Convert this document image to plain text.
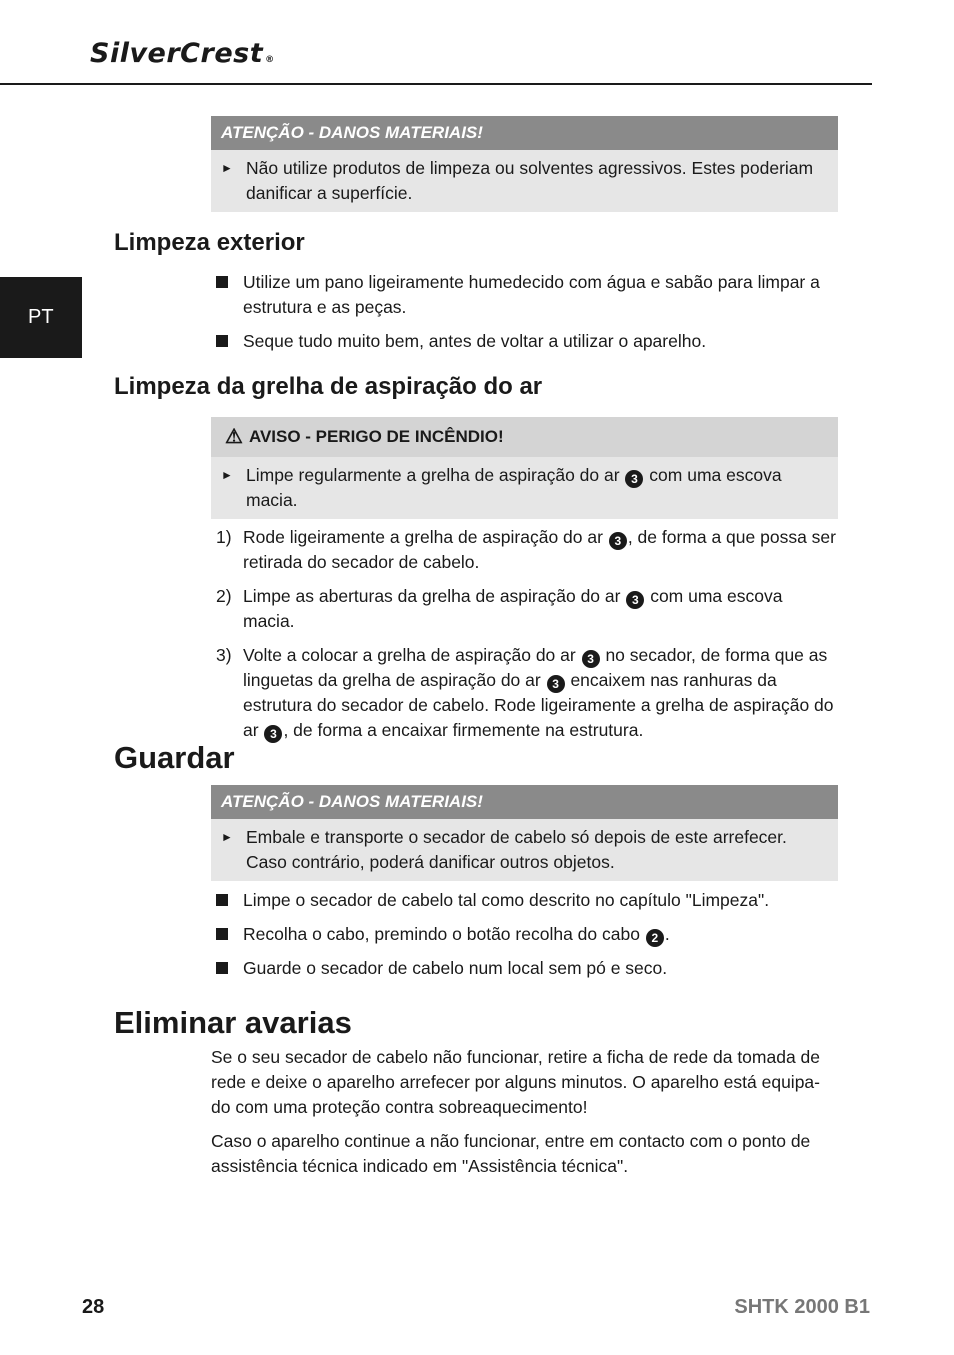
SilverCrest ®
PT
ATENÇÃO - DANOS MATERIAIS!
► Não utilize produtos de limpeza ou solventes agressivos. Estes poderiam danificar a superfície.
Limpeza exterior
Utilize um pano ligeiramente humedecido com água e sabão para limpar a estrutura e as peças.
Seque tudo muito bem, antes de voltar a utilizar o aparelho.
Limpeza da grelha de aspiração do ar
⚠ AVISO - PERIGO DE INCÊNDIO!
► Limpe regularmente a grelha de aspiração do ar 3 com uma escova macia.
1) Rode ligeiramente a grelha de aspiração do ar 3 , de forma a que possa ser retirada do secador de cabelo.
2) Limpe as aberturas da grelha de aspiração do ar 3 com uma escova macia.
3) Volte a colocar a grelha de aspiração do ar 3 no secador, de forma que as linguetas da grelha de aspiração do ar 3 encaixem nas ranhuras da estrutura do secador de cabelo. Rode ligeiramente a grelha de aspiração do ar 3 , de forma a encaixar firmemente na estrutura.
Guardar
ATENÇÃO - DANOS MATERIAIS!
► Embale e transporte o secador de cabelo só depois de este arrefecer. Caso contrário, poderá danificar outros objetos.
Limpe o secador de cabelo tal como descrito no capítulo "Limpeza".
Recolha o cabo, premindo o botão recolha do cabo 2 .
Guarde o secador de cabelo num local sem pó e seco.
Eliminar avarias

Se o seu secador de cabelo não funcionar, retire a ficha de rede da tomada de rede e deixe o aparelho arrefecer por alguns minutos. O aparelho está equipa-do com uma proteção contra sobreaquecimento!

Caso o aparelho continue a não funcionar, entre em contacto com o ponto de assistência técnica indicado em "Assistência técnica".

28	SHTK 2000 B1
